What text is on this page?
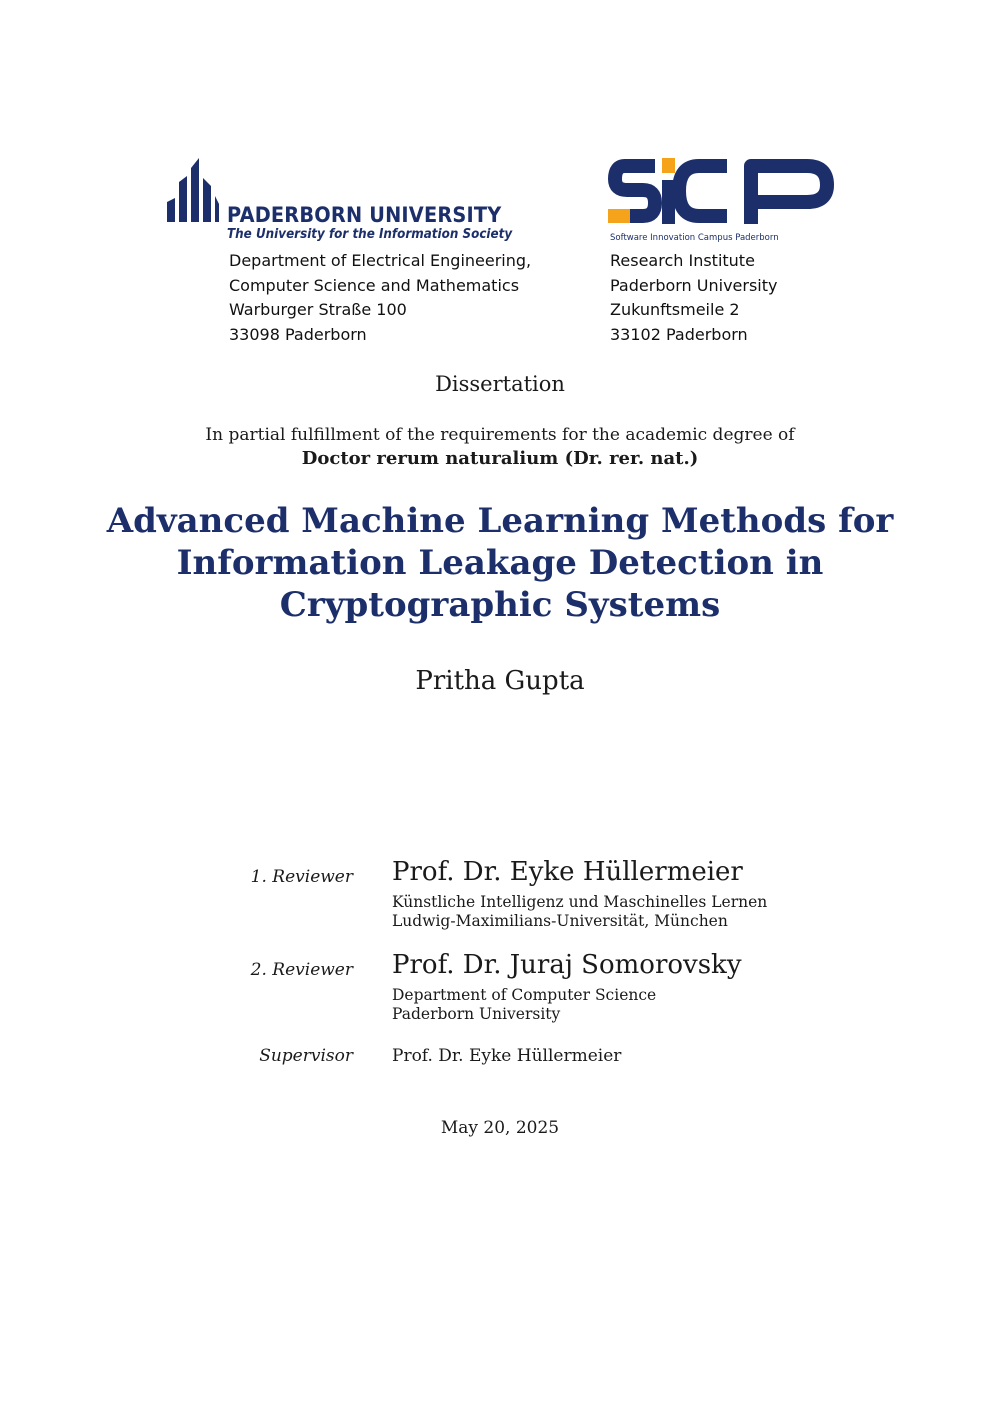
PADERBORN UNIVERSITY
The University for the Information Society	Software Innovation Campus Paderborn
Department of Electrical Engineering,
Computer Science and Mathematics
Warburger Straße 100
33098 Paderborn
Research Institute
Paderborn University
Zukunftsmeile 2
33102 Paderborn
Dissertation
In partial fulfillment of the requirements for the academic degree of
Doctor rerum naturalium (Dr. rer. nat.)
Advanced Machine Learning Methods for
Information Leakage Detection in
Cryptographic Systems
Pritha Gupta
1. Reviewer Prof. Dr. Eyke Hüllermeier
Künstliche Intelligenz und Maschinelles Lernen
Ludwig-Maximilians-Universität, München
2. Reviewer Prof. Dr. Juraj Somorovsky
Department of Computer Science
Paderborn University
Supervisor Prof. Dr. Eyke Hüllermeier
May 20, 2025
